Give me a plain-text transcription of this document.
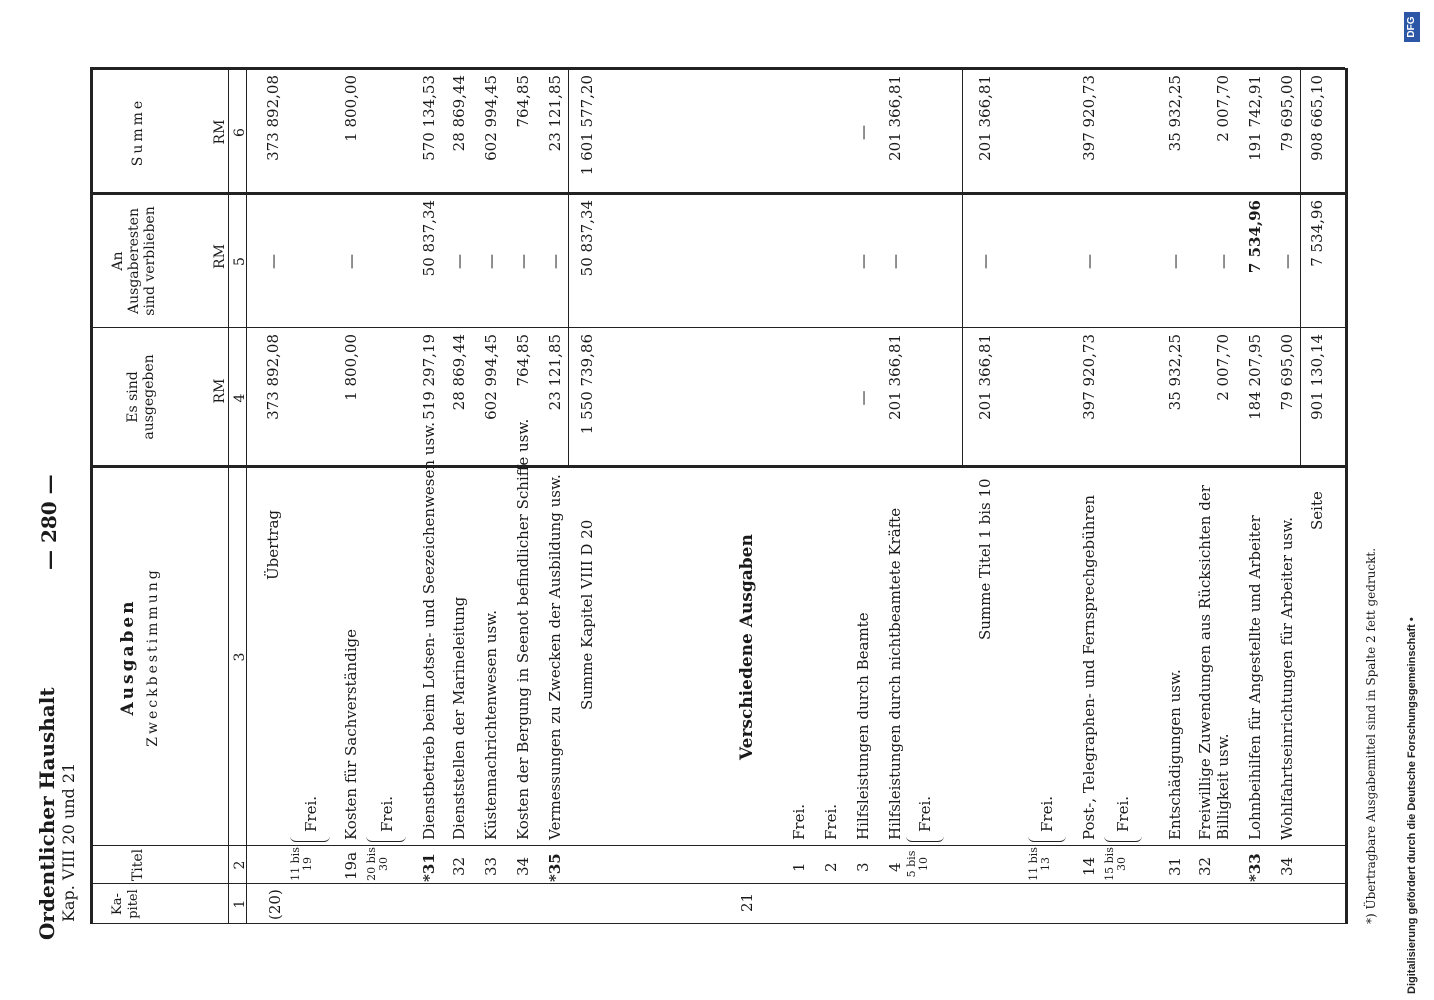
Ordentlicher Haushalt Kap. VIII 20 und 21
— 280 —
Ka-pitel
Titel
Ausgaben Zweckbestimmung
Es sind ausgegeben
An Ausgaberesten sind verblieben
Summe
RM
RM
RM
1
2
3
4
5
6
(20)
Übertrag
373 892,08
—
373 892,08
11 bis 19
Frei.
19a
Kosten für Sachverständige
1 800,00
—
1 800,00
20 bis 30
Frei.
*31
Dienstbetrieb beim Lotsen- und Seezeichenwesen usw.
519 297,19
50 837,34
570 134,53
32
Dienststellen der Marineleitung
28 869,44
—
28 869,44
33
Küstennachrichtenwesen usw.
602 994,45
—
602 994,45
34
Kosten der Bergung in Seenot befindlicher Schiffe usw.
764,85
—
764,85
*35
Vermessungen zu Zwecken der Ausbildung usw.
23 121,85
—
23 121,85
Summe Kapitel VIII D 20
1 550 739,86
50 837,34
1 601 577,20
21
Verschiedene Ausgaben
1
Frei.
2
Frei.
3
Hilfsleistungen durch Beamte
—
—
—
4
Hilfsleistungen durch nichtbeamtete Kräfte
201 366,81
—
201 366,81
5 bis 10
Frei.
Summe Titel 1 bis 10
201 366,81
—
201 366,81
11 bis 13
Frei.
14
Post-, Telegraphen- und Fernsprechgebühren
397 920,73
—
397 920,73
15 bis 30
Frei.
31
Entschädigungen usw.
35 932,25
—
35 932,25
32
Freiwillige Zuwendungen aus Rücksichten der Billigkeit usw.
2 007,70
—
2 007,70
*33
Lohnbeihilfen für Angestellte und Arbeiter
184 207,95
7 534,96
191 742,91
34
Wohlfahrtseinrichtungen für Arbeiter usw.
79 695,00
—
79 695,00
Seite
901 130,14
7 534,96
908 665,10
*) Übertragbare Ausgabemittel sind in Spalte 2 fett gedruckt.	Digitalisierung gefördert durch die Deutsche Forschungsgemeinschaft •
DFG
